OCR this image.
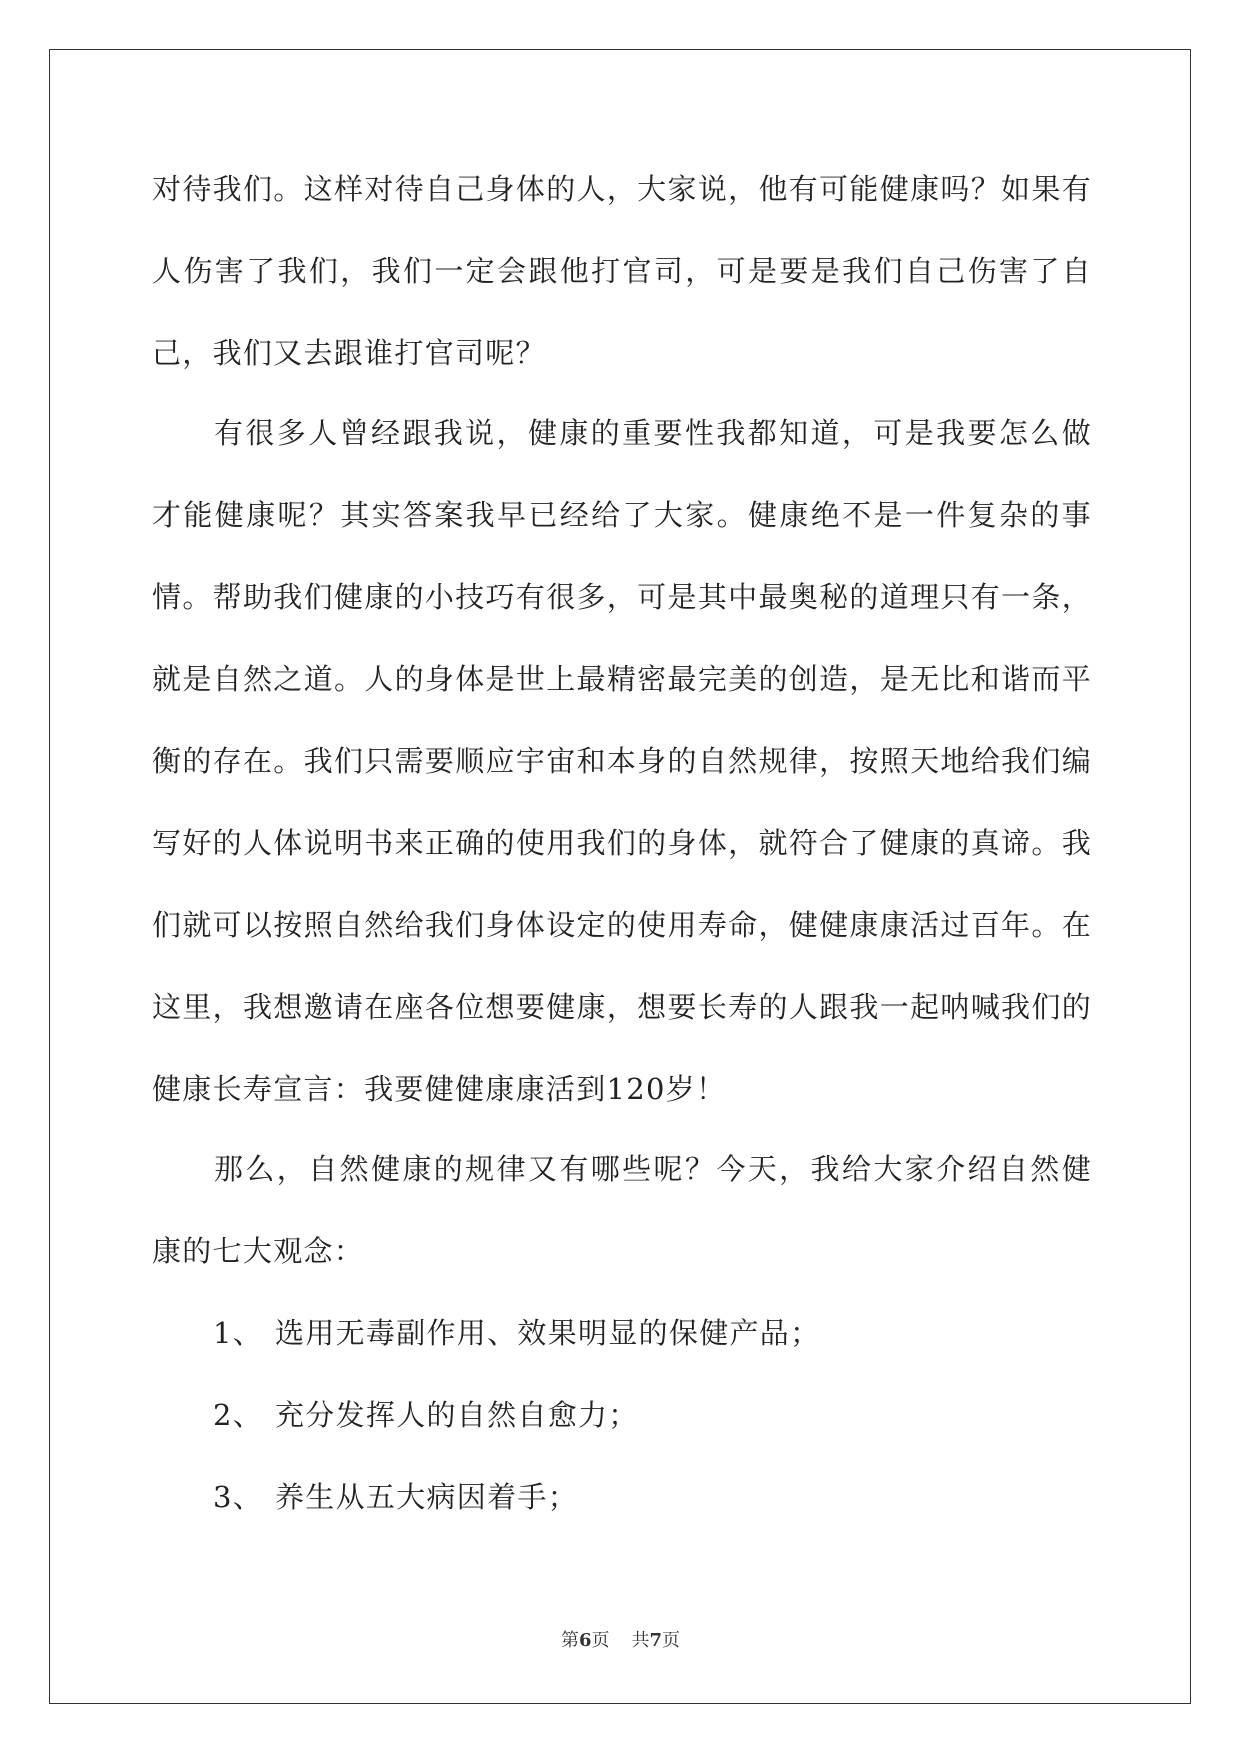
对待我们。这样对待自己身体的人，大家说，他有可能健康吗？如果有人伤害了我们，我们一定会跟他打官司，可是要是我们自己伤害了自己，我们又去跟谁打官司呢？
有很多人曾经跟我说，健康的重要性我都知道，可是我要怎么做才能健康呢？其实答案我早已经给了大家。健康绝不是一件复杂的事情。帮助我们健康的小技巧有很多，可是其中最奥秘的道理只有一条，就是自然之道。人的身体是世上最精密最完美的创造，是无比和谐而平衡的存在。我们只需要顺应宇宙和本身的自然规律，按照天地给我们编写好的人体说明书来正确的使用我们的身体，就符合了健康的真谛。我们就可以按照自然给我们身体设定的使用寿命，健健康康活过百年。在这里，我想邀请在座各位想要健康，想要长寿的人跟我一起呐喊我们的健康长寿宣言：我要健健康康活到120岁！
那么，自然健康的规律又有哪些呢？今天，我给大家介绍自然健康的七大观念：
1、 选用无毒副作用、效果明显的保健产品；
2、 充分发挥人的自然自愈力；
3、 养生从五大病因着手；
第6页 共7页
